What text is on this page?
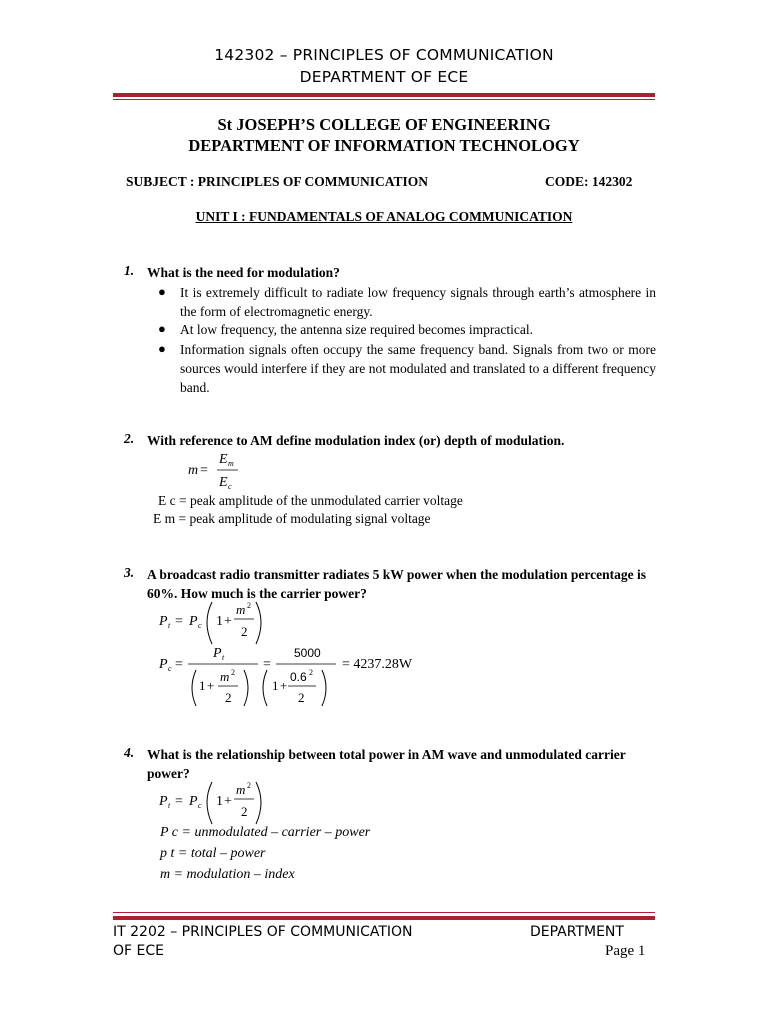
142302 – PRINCIPLES OF COMMUNICATION
DEPARTMENT OF ECE
St JOSEPH’S COLLEGE OF ENGINEERING
DEPARTMENT OF INFORMATION TECHNOLOGY
SUBJECT : PRINCIPLES OF COMMUNICATION	CODE: 142302
UNIT I : FUNDAMENTALS OF ANALOG COMMUNICATION
1. What is the need for modulation?
● It is extremely difficult to radiate low frequency signals through earth’s atmosphere in the form of electromagnetic energy.
● At low frequency, the antenna size required becomes impractical.
● Information signals often occupy the same frequency band. Signals from two or more sources would interfere if they are not modulated and translated to a different frequency band.
2. With reference to AM define modulation index (or) depth of modulation.
m =
E m
E c
E c = peak amplitude of the unmodulated carrier voltage
E m = peak amplitude of modulating signal voltage
3. A broadcast radio transmitter radiates 5 kW power when the modulation percentage is 60%. How much is the carrier power?
P t = P c 1 +
m 2
2
P c =
P t
1 +
m 2
2
=
5000
1 +
0.6 2
2
= 4237.28W
4. What is the relationship between total power in AM wave and unmodulated carrier power?
P t = P c 1 +
m 2
2
P c = unmodulated – carrier – power
p t = total – power
m = modulation – index
IT 2202 – PRINCIPLES OF COMMUNICATION
OF ECE
DEPARTMENT
Page 1
